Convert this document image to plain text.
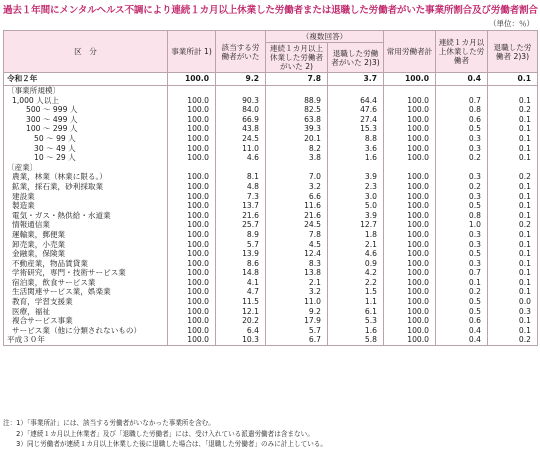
過去１年間にメンタルヘルス不調により連続１カ月以上休業した労働者または退職した労働者がいた事業所割合及び労働者割合
（単位：％）
区　分	事業所計 1)	該当する労働者がいた	（複数回答）		常用労働者計	連続１カ月以上休業した労働者	退職した労働者 2)3)
			連続１カ月以上休業した労働者がいた 2)	退職した労働者がいた 2)3)			
令和２年	100.0	9.2	7.8	3.7	100.0	0.4	0.1
〔事業所規模〕							
1,000 人以上	100.0	90.3	88.9	64.4	100.0	0.7	0.1
500 〜 999 人	100.0	84.0	82.5	47.6	100.0	0.8	0.2
300 〜 499 人	100.0	66.9	63.8	27.4	100.0	0.6	0.1
100 〜 299 人	100.0	43.8	39.3	15.3	100.0	0.5	0.1
50 〜 99 人	100.0	24.5	20.1	8.8	100.0	0.3	0.1
30 〜 49 人	100.0	11.0	8.2	3.6	100.0	0.3	0.1
10 〜 29 人	100.0	4.6	3.8	1.6	100.0	0.2	0.1
〔産業〕							
農業，林業（林業に限る。）	100.0	8.1	7.0	3.9	100.0	0.3	0.2
鉱業，採石業，砂利採取業	100.0	4.8	3.2	2.3	100.0	0.2	0.1
建設業	100.0	7.3	6.6	3.0	100.0	0.3	0.1
製造業	100.0	13.7	11.6	5.0	100.0	0.5	0.1
電気・ガス・熱供給・水道業	100.0	21.6	21.6	3.9	100.0	0.8	0.1
情報通信業	100.0	25.7	24.5	12.7	100.0	1.0	0.2
運輸業，郵便業	100.0	8.9	7.8	1.8	100.0	0.3	0.1
卸売業，小売業	100.0	5.7	4.5	2.1	100.0	0.3	0.1
金融業，保険業	100.0	13.9	12.4	4.6	100.0	0.5	0.1
不動産業，物品賃貸業	100.0	8.6	8.3	0.9	100.0	0.3	0.1
学術研究，専門・技術サービス業	100.0	14.8	13.8	4.2	100.0	0.7	0.1
宿泊業，飲食サービス業	100.0	4.1	2.1	2.2	100.0	0.1	0.1
生活関連サービス業，娯楽業	100.0	4.7	3.2	1.5	100.0	0.2	0.1
教育，学習支援業	100.0	11.5	11.0	1.1	100.0	0.5	0.0
医療，福祉	100.0	12.1	9.2	6.1	100.0	0.5	0.3
複合サービス事業	100.0	20.2	17.9	5.3	100.0	0.6	0.1
サービス業（他に分類されないもの）	100.0	6.4	5.7	1.6	100.0	0.4	0.1
平成３０年	100.0	10.3	6.7	5.8	100.0	0.4	0.2
注：1）「事業所計」には、該当する労働者がいなかった事業所を含む。
　　2）「連続１カ月以上休業者」及び「退職した労働者」には、受け入れている派遣労働者は含まない。
　　3）同じ労働者が連続１カ月以上休業した後に退職した場合は、「退職した労働者」のみに計上している。
